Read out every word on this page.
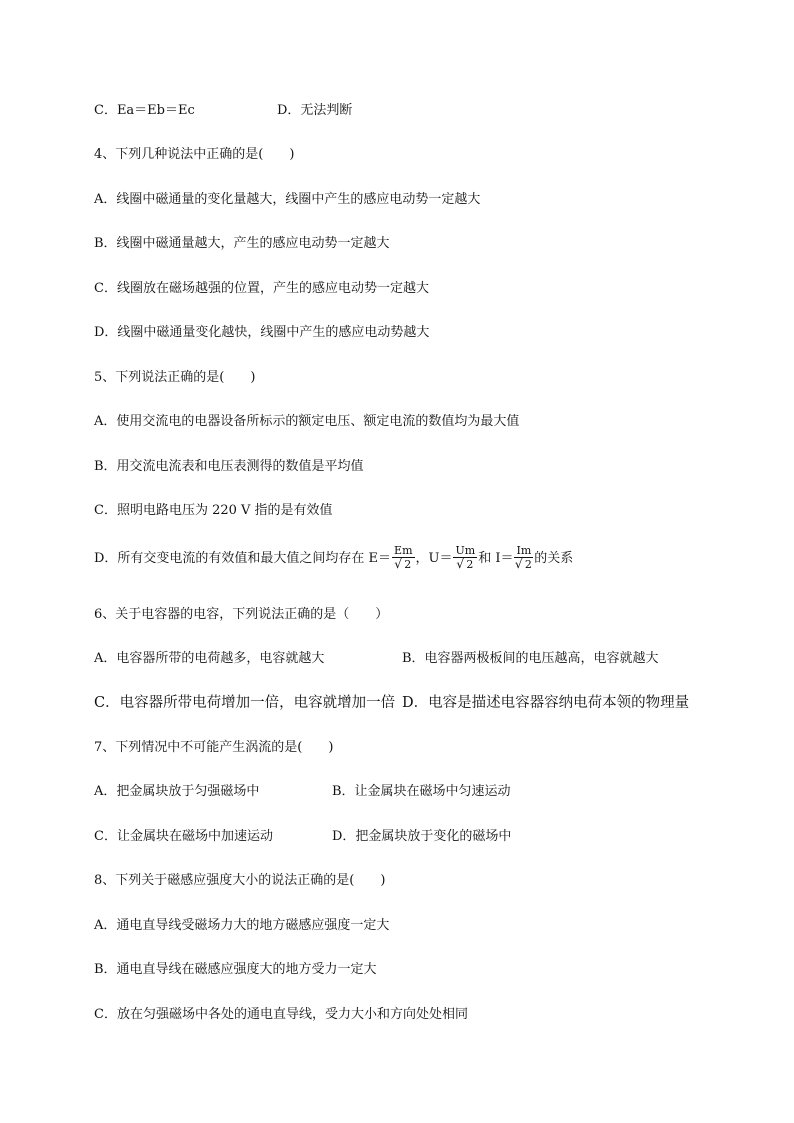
C．Ea＝Eb＝Ec	D．无法判断
4、下列几种说法中正确的是(　　)
A．线圈中磁通量的变化量越大，线圈中产生的感应电动势一定越大
B．线圈中磁通量越大，产生的感应电动势一定越大
C．线圈放在磁场越强的位置，产生的感应电动势一定越大
D．线圈中磁通量变化越快，线圈中产生的感应电动势越大
5、下列说法正确的是(　　)
A．使用交流电的电器设备所标示的额定电压、额定电流的数值均为最大值
B．用交流电流表和电压表测得的数值是平均值
C．照明电路电压为 220 V 指的是有效值
D．所有交变电流的有效值和最大值之间均存在 E＝ Em
√ 2 ，U＝ Um
√ 2 和 I＝ Im
√ 2 的关系
6、关于电容器的电容，下列说法正确的是（　　）
A．电容器所带的电荷越多，电容就越大	B．电容器两极板间的电压越高，电容就越大
C．电容器所带电荷增加一倍，电容就增加一倍 D．电容是描述电容器容纳电荷本领的物理量
7、下列情况中不可能产生涡流的是(　　)
A．把金属块放于匀强磁场中	B．让金属块在磁场中匀速运动
C．让金属块在磁场中加速运动	D．把金属块放于变化的磁场中
8、下列关于磁感应强度大小的说法正确的是(　　)
A．通电直导线受磁场力大的地方磁感应强度一定大
B．通电直导线在磁感应强度大的地方受力一定大
C．放在匀强磁场中各处的通电直导线，受力大小和方向处处相同
